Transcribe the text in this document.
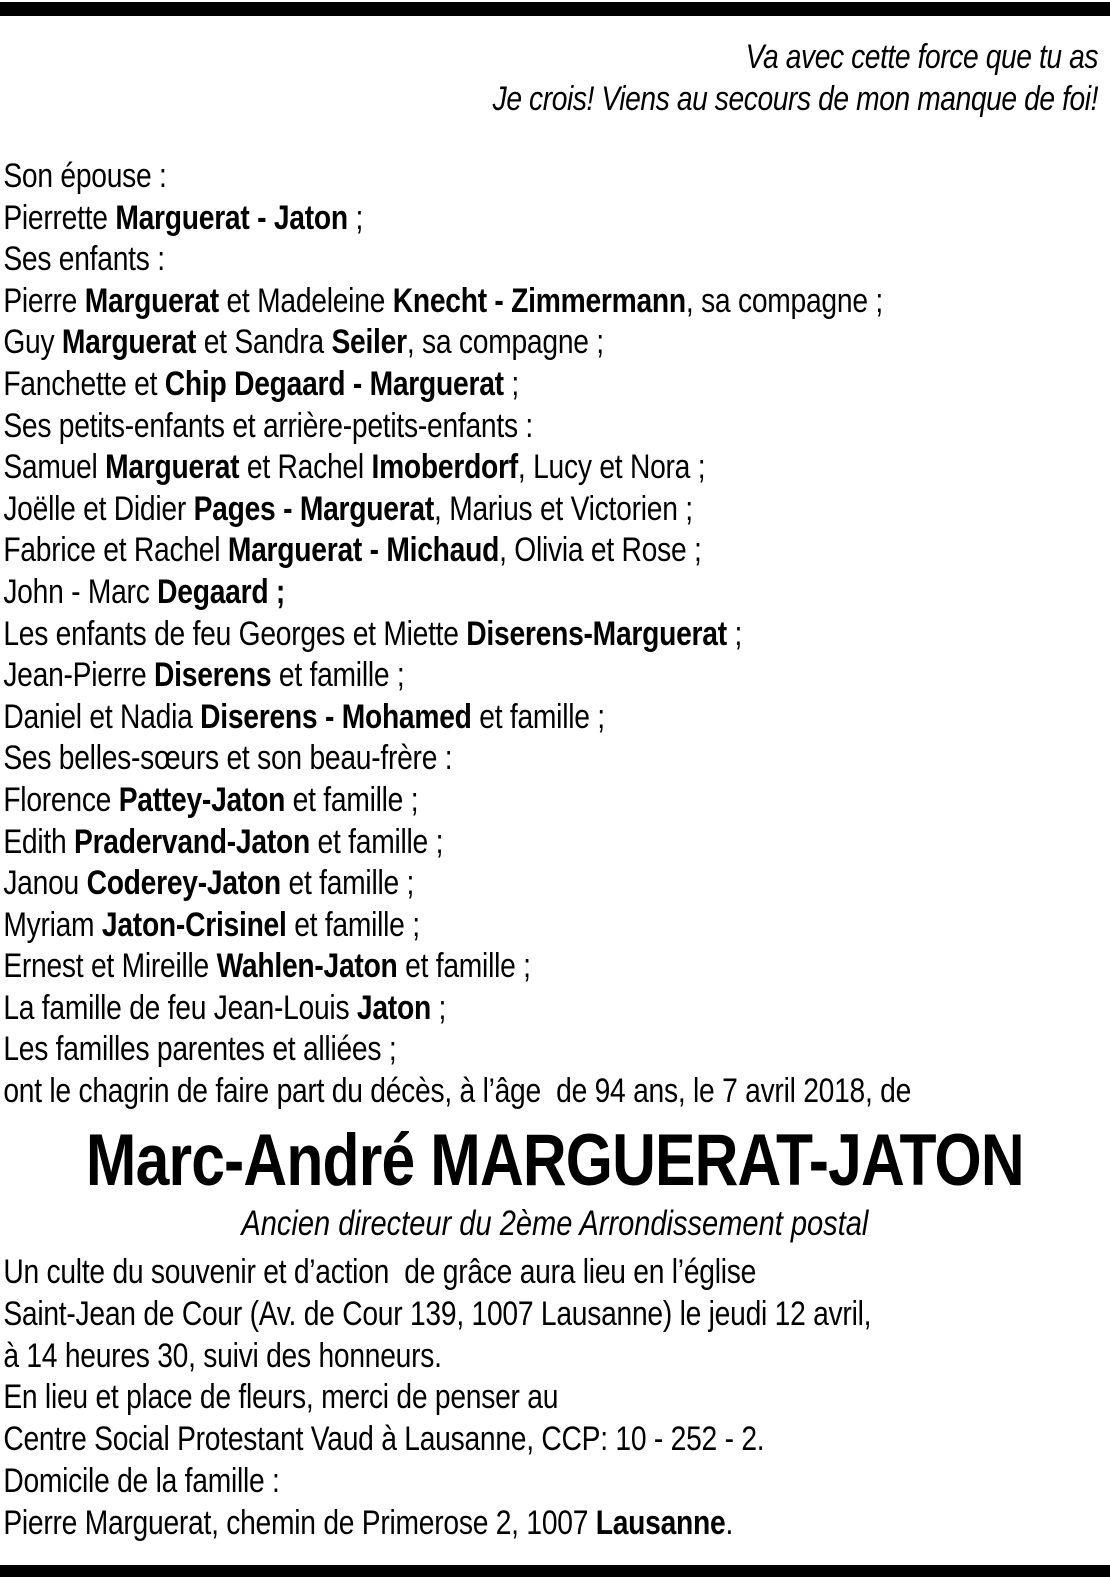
Va avec cette force que tu as
Je crois! Viens au secours de mon manque de foi!
Son épouse :
Pierrette Marguerat - Jaton ;
Ses enfants :
Pierre Marguerat et Madeleine Knecht - Zimmermann, sa compagne ;
Guy Marguerat et Sandra Seiler, sa compagne ;
Fanchette et Chip Degaard - Marguerat ;
Ses petits-enfants et arrière-petits-enfants :
Samuel Marguerat et Rachel Imoberdorf, Lucy et Nora ;
Joëlle et Didier Pages - Marguerat, Marius et Victorien ;
Fabrice et Rachel Marguerat - Michaud, Olivia et Rose ;
John - Marc Degaard ;
Les enfants de feu Georges et Miette Diserens-Marguerat ;
Jean-Pierre Diserens et famille ;
Daniel et Nadia Diserens - Mohamed et famille ;
Ses belles-sœurs et son beau-frère :
Florence Pattey-Jaton et famille ;
Edith Pradervand-Jaton et famille ;
Janou Coderey-Jaton et famille ;
Myriam Jaton-Crisinel et famille ;
Ernest et Mireille Wahlen-Jaton et famille ;
La famille de feu Jean-Louis Jaton ;
Les familles parentes et alliées ;
ont le chagrin de faire part du décès, à l’âge  de 94 ans, le 7 avril 2018, de
Marc-André MARGUERAT-JATON
Ancien directeur du 2ème Arrondissement postal
Un culte du souvenir et d’action  de grâce aura lieu en l’église
Saint-Jean de Cour (Av. de Cour 139, 1007 Lausanne) le jeudi 12 avril,
à 14 heures 30, suivi des honneurs.
En lieu et place de fleurs, merci de penser au
Centre Social Protestant Vaud à Lausanne, CCP: 10 - 252 - 2.
Domicile de la famille :
Pierre Marguerat, chemin de Primerose 2, 1007 Lausanne.
